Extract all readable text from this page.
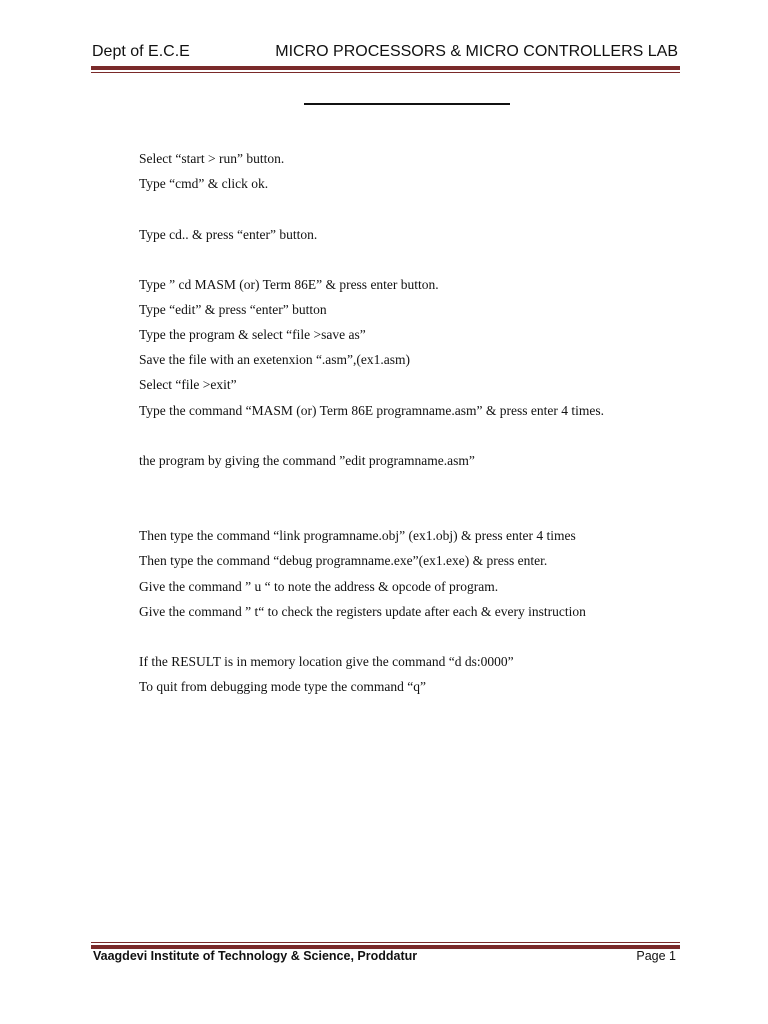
Dept of E.C.E	MICRO PROCESSORS & MICRO CONTROLLERS LAB
Select “start > run” button.
Type “cmd” & click ok.
Type cd.. & press “enter” button.
Type ” cd MASM (or) Term 86E” & press enter button.
Type “edit” & press “enter” button
Type the program & select “file >save as”
Save the file with an exetenxion “.asm”,(ex1.asm)
Select “file >exit”
Type the command “MASM (or) Term 86E programname.asm” & press enter 4 times.
the program by giving the command ”edit programname.asm”
Then type the command “link programname.obj” (ex1.obj) & press enter 4 times
Then type the command “debug programname.exe”(ex1.exe) & press enter.
Give the command ” u “ to note the address & opcode of program.
Give the command ” t“ to check the registers update after each & every instruction
If the RESULT is in memory location give the command “d ds:0000”
To quit from debugging mode type the command “q”
Vaagdevi Institute of Technology & Science, Proddatur	Page 1
